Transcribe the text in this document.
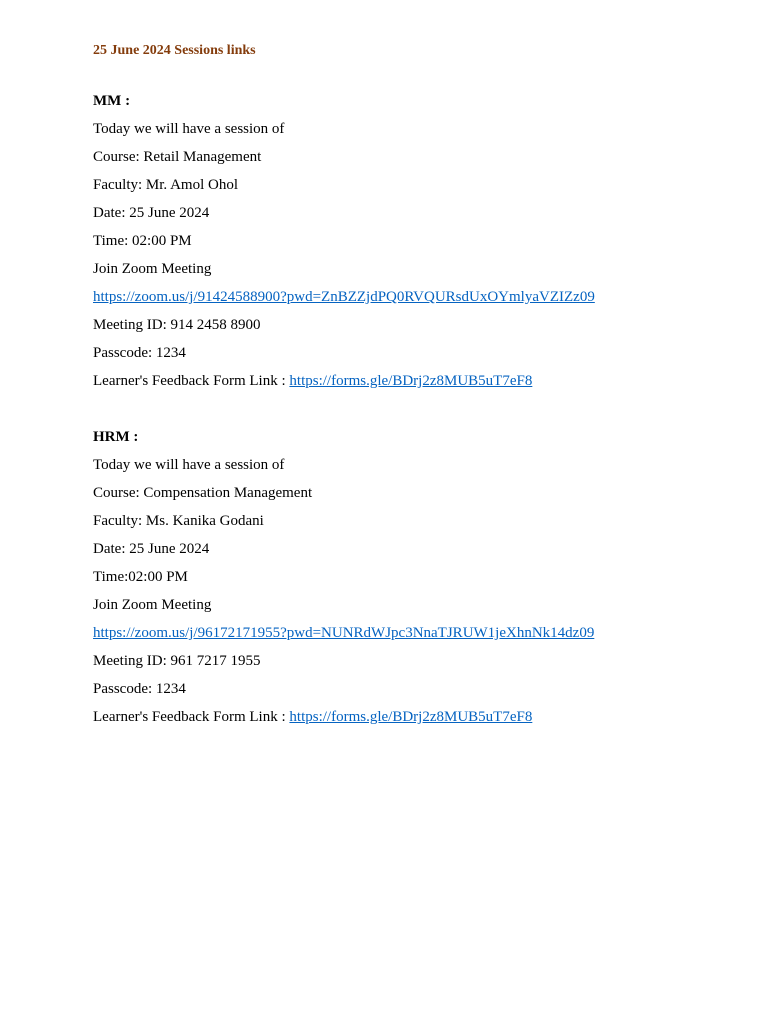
25 June 2024 Sessions links
MM :
Today we will have a session of
Course: Retail Management
Faculty: Mr. Amol Ohol
Date: 25 June 2024
Time: 02:00 PM
Join Zoom Meeting
https://zoom.us/j/91424588900?pwd=ZnBZZjdPQ0RVQURsdUxOYmlyaVZIZz09
Meeting ID: 914 2458 8900
Passcode: 1234
Learner's Feedback Form Link : https://forms.gle/BDrj2z8MUB5uT7eF8
HRM :
Today we will have a session of
Course: Compensation Management
Faculty: Ms. Kanika Godani
Date: 25 June 2024
Time:02:00 PM
Join Zoom Meeting
https://zoom.us/j/96172171955?pwd=NUNRdWJpc3NnaTJRUW1jeXhnNk14dz09
Meeting ID: 961 7217 1955
Passcode: 1234
Learner's Feedback Form Link : https://forms.gle/BDrj2z8MUB5uT7eF8
